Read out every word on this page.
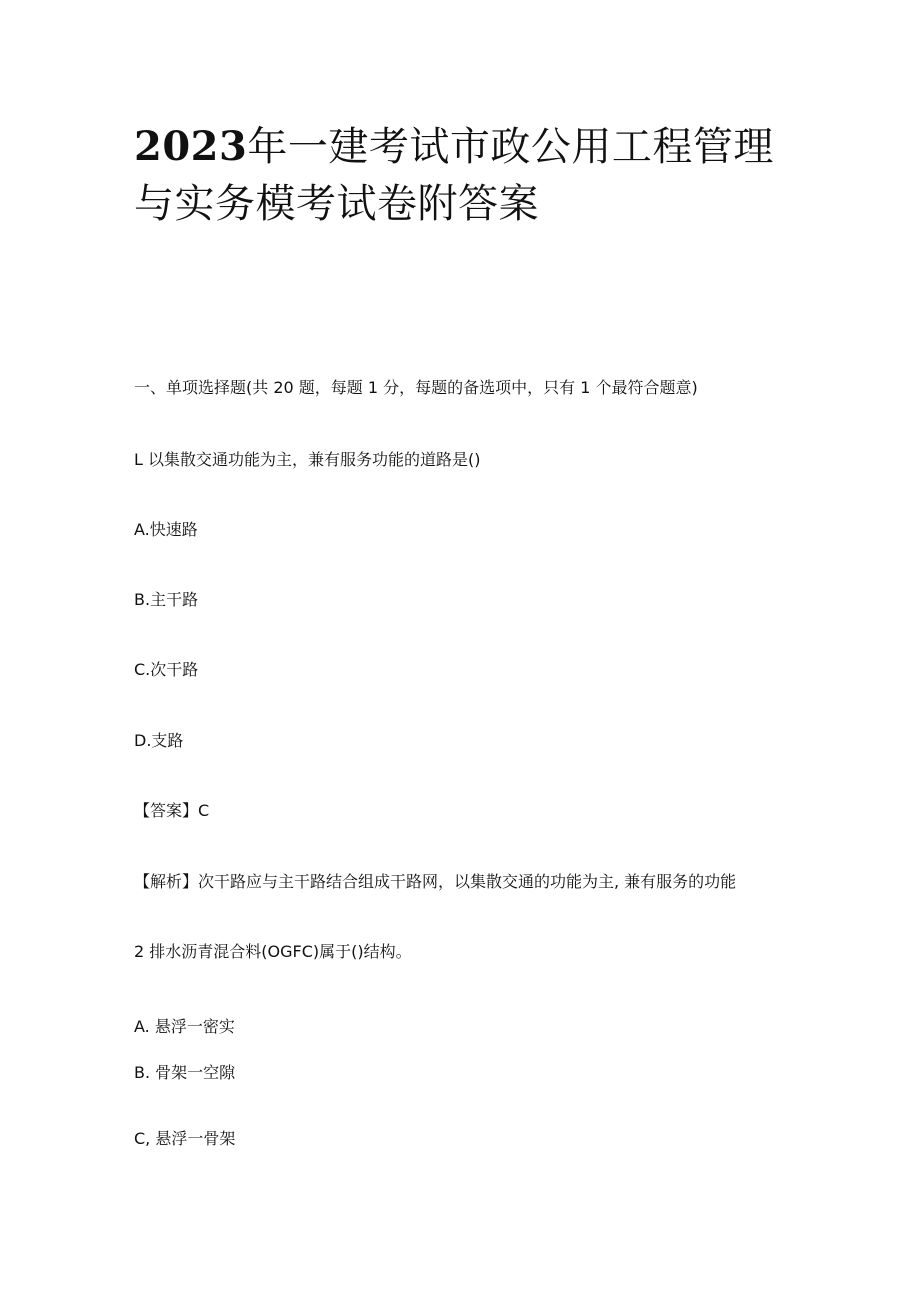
2023年一建考试市政公用工程管理与实务模考试卷附答案

一、单项选择题(共 20 题，每题 1 分，每题的备选项中，只有 1 个最符合题意)

L 以集散交通功能为主，兼有服务功能的道路是()

A.快速路

B.主干路

C.次干路

D.支路

【答案】C

【解析】次干路应与主干路结合组成干路网，以集散交通的功能为主, 兼有服务的功能

2 排水沥青混合料(OGFC)属于()结构。

A. 悬浮一密实

B. 骨架一空隙

C, 悬浮一骨架
